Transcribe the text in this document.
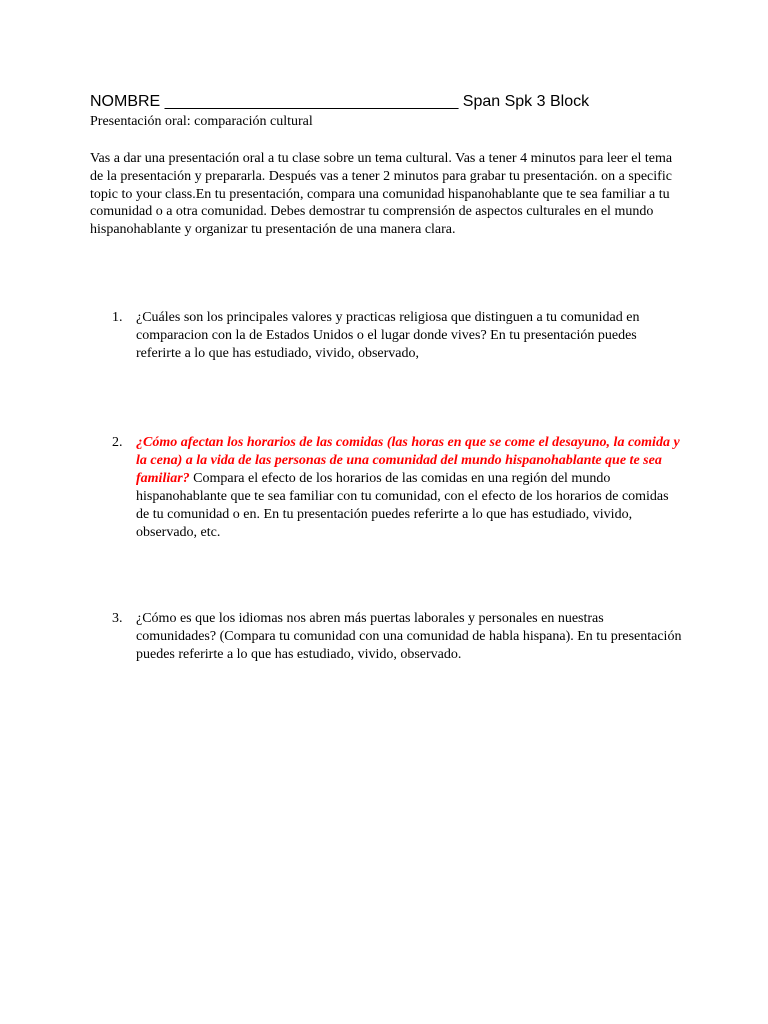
NOMBRE _________________________________ Span Spk 3 Block
Presentación oral: comparación cultural

Vas a dar una presentación oral a tu clase sobre un tema cultural. Vas a tener 4 minutos para leer el tema de la presentación y prepararla. Después vas a tener 2 minutos para grabar tu presentación. on a specific topic to your class.En tu presentación, compara una comunidad hispanohablante que te sea familiar a tu comunidad o a otra comunidad. Debes demostrar tu comprensión de aspectos culturales en el mundo hispanohablante y organizar tu presentación de una manera clara.

1. ¿Cuáles son los principales valores y practicas religiosa que distinguen a tu comunidad en comparacion con la de Estados Unidos o el lugar donde vives? En tu presentación puedes referirte a lo que has estudiado, vivido, observado,

2. ¿Cómo afectan los horarios de las comidas (las horas en que se come el desayuno, la comida y la cena) a la vida de las personas de una comunidad del mundo hispanohablante que te sea familiar? Compara el efecto de los horarios de las comidas en una región del mundo hispanohablante que te sea familiar con tu comunidad, con el efecto de los horarios de comidas de tu comunidad o en. En tu presentación puedes referirte a lo que has estudiado, vivido, observado, etc.

3. ¿Cómo es que los idiomas nos abren más puertas laborales y personales en nuestras comunidades? (Compara tu comunidad con una comunidad de habla hispana). En tu presentación puedes referirte a lo que has estudiado, vivido, observado.
